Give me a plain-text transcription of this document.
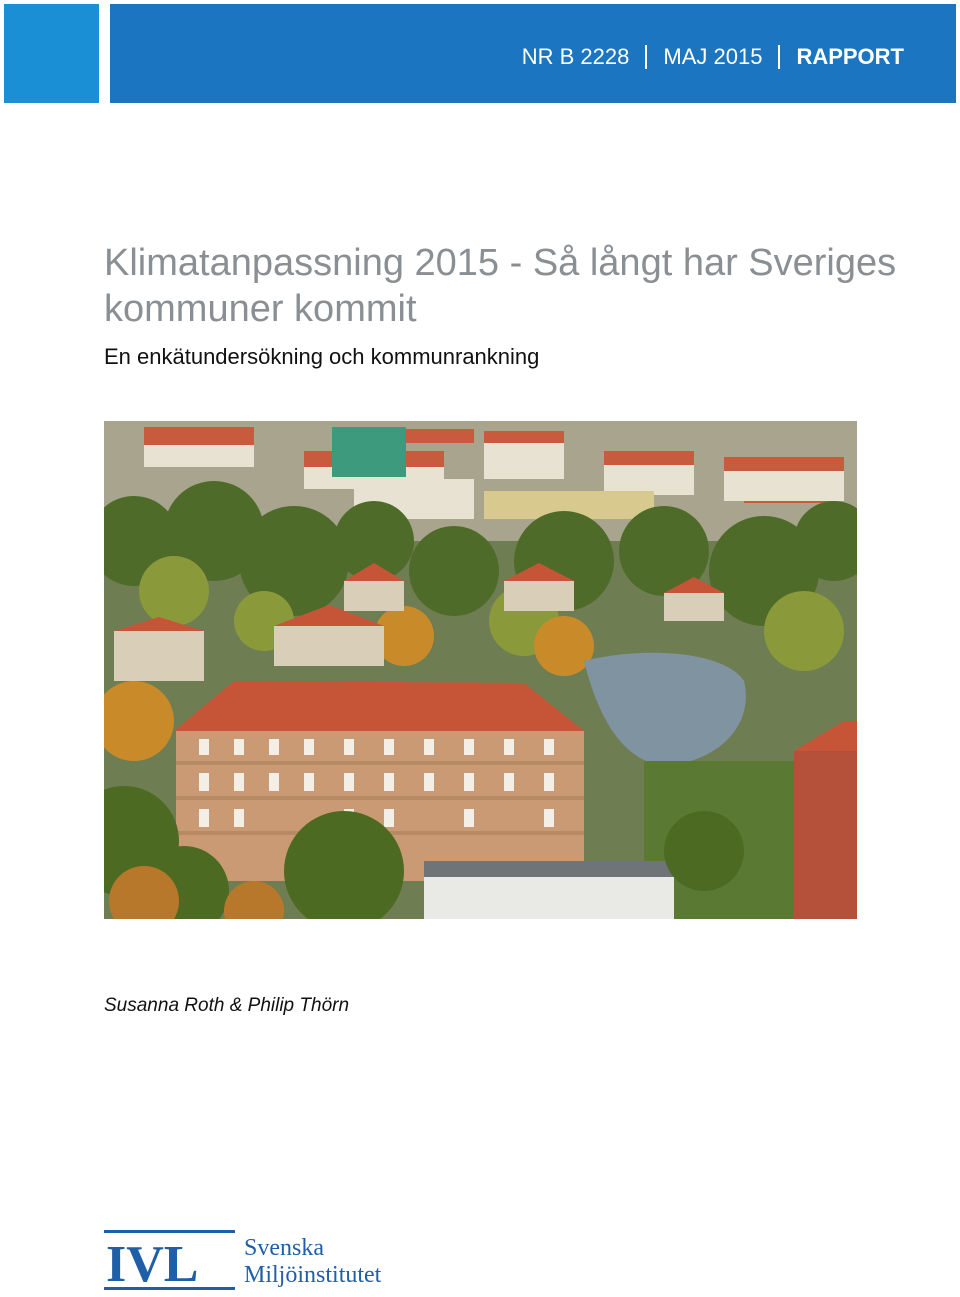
NR B 2228 MAJ 2015 RAPPORT
Klimatanpassning 2015 - Så långt har Sveriges kommuner kommit
En enkätundersökning och kommunrankning
Susanna Roth & Philip Thörn
IVL Svenska
Miljöinstitutet
